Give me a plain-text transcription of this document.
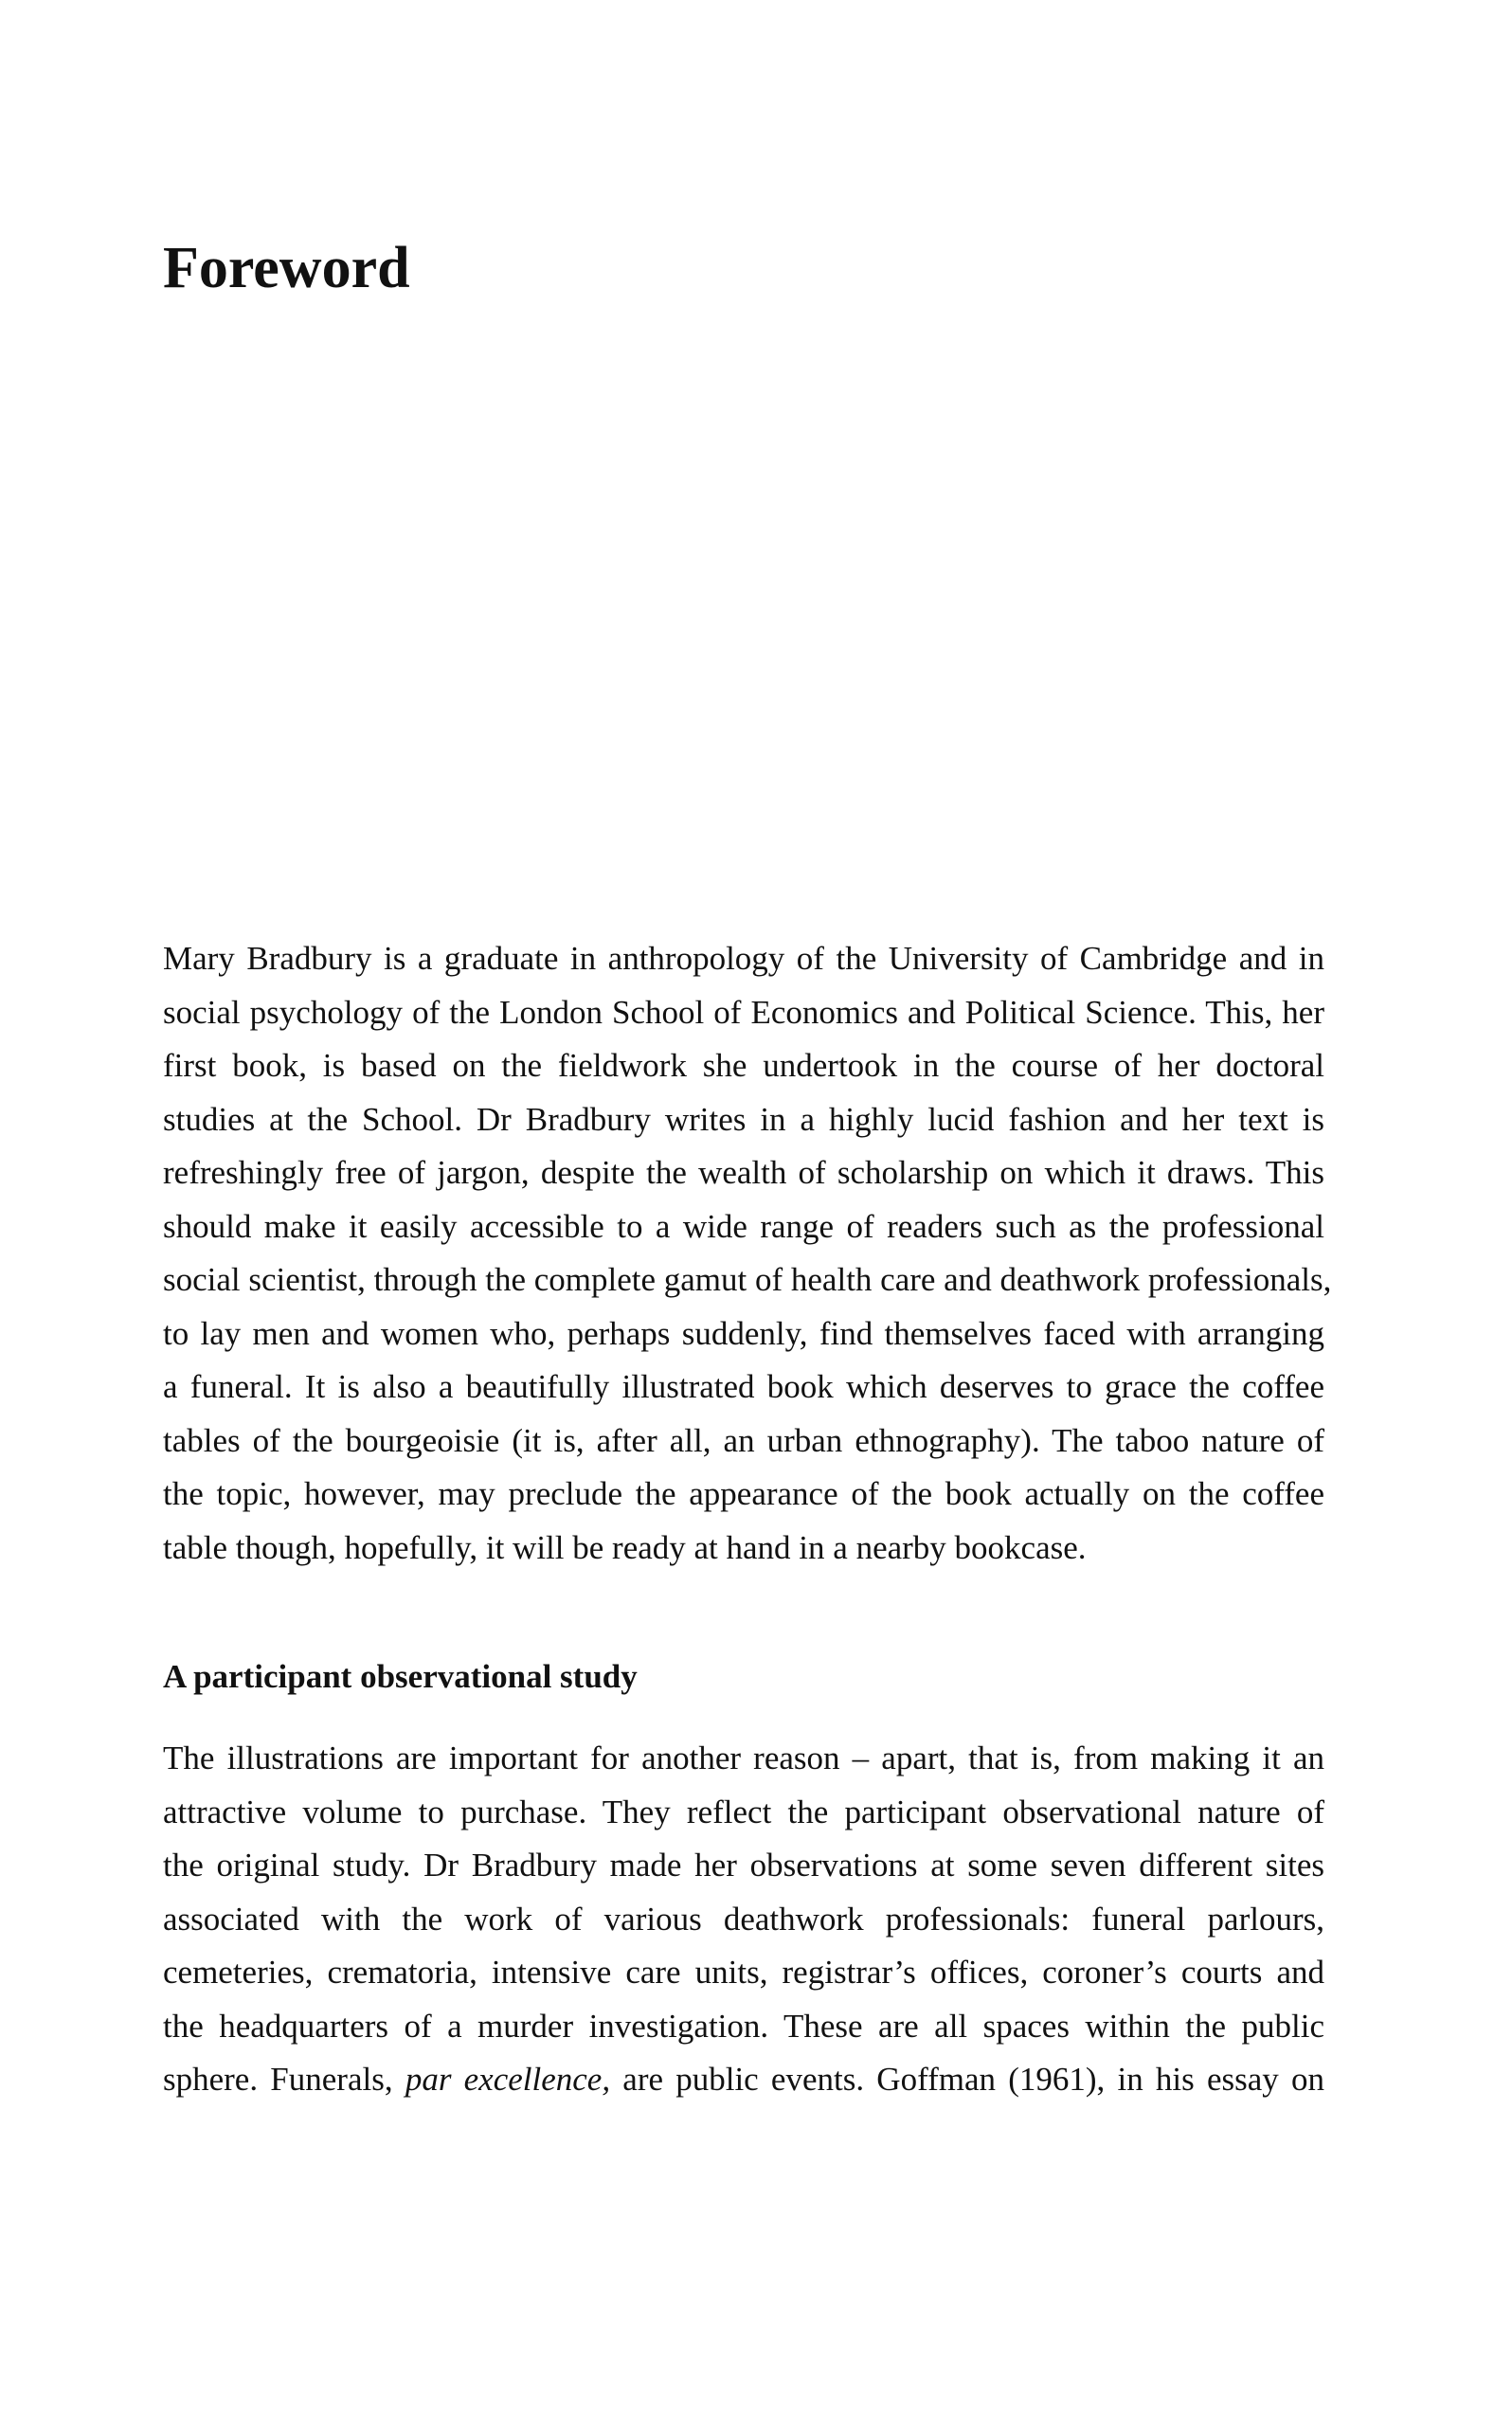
Foreword
Mary Bradbury is a graduate in anthropology of the University of Cambridge and in
social psychology of the London School of Economics and Political Science. This, her
first book, is based on the fieldwork she undertook in the course of her doctoral
studies at the School. Dr Bradbury writes in a highly lucid fashion and her text is
refreshingly free of jargon, despite the wealth of scholarship on which it draws. This
should make it easily accessible to a wide range of readers such as the professional
social scientist, through the complete gamut of health care and deathwork professionals,
to lay men and women who, perhaps suddenly, find themselves faced with arranging
a funeral. It is also a beautifully illustrated book which deserves to grace the coffee
tables of the bourgeoisie (it is, after all, an urban ethnography). The taboo nature of
the topic, however, may preclude the appearance of the book actually on the coffee
table though, hopefully, it will be ready at hand in a nearby bookcase.
A participant observational study
The illustrations are important for another reason – apart, that is, from making it an
attractive volume to purchase. They reflect the participant observational nature of
the original study. Dr Bradbury made her observations at some seven different sites
associated with the work of various deathwork professionals: funeral parlours,
cemeteries, crematoria, intensive care units, registrar’s offices, coroner’s courts and
the headquarters of a murder investigation. These are all spaces within the public
sphere. Funerals, par excellence, are public events. Goffman (1961), in his essay on
